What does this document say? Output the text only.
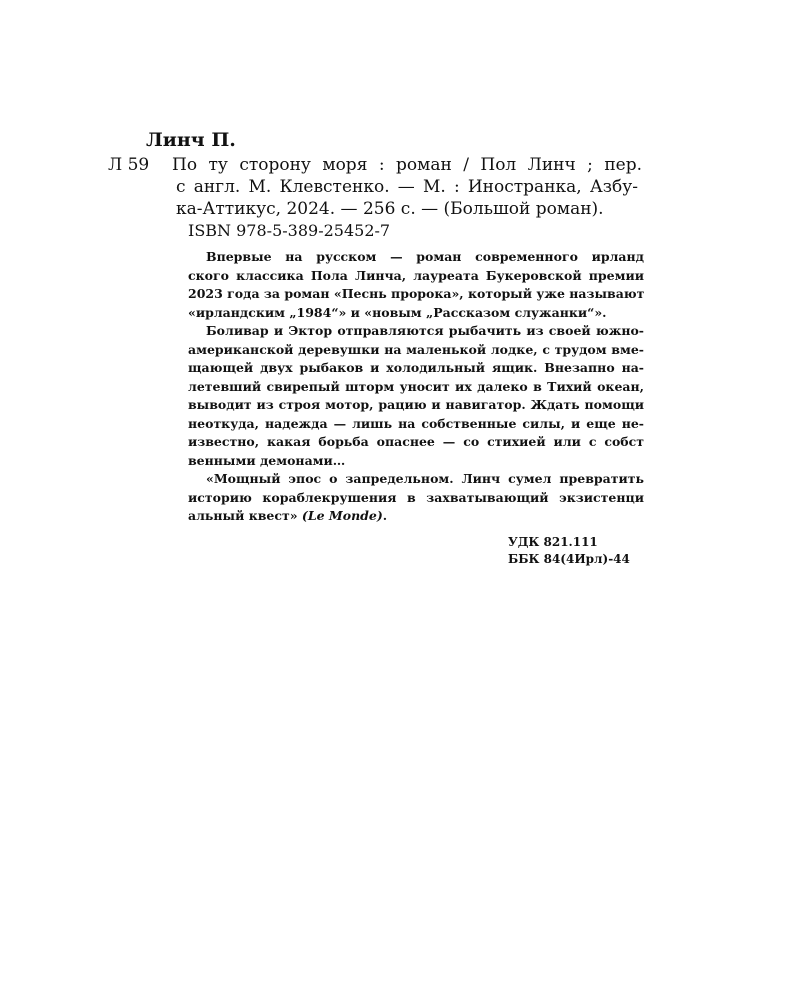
Линч П.
Л 59 По ту сторону моря : роман / Пол Линч ; пер.
с англ. М. Клевстенко. — М. : Иностранка, Азбу-
ка-Аттикус, 2024. — 256 с. — (Большой роман).
ISBN 978-5-389-25452-7
Впервые на русском — роман современного ирланд
ского классика Пола Линча, лауреата Букеровской премии
2023 года за роман «Песнь пророка», который уже называют
«ирландским „1984“» и «новым „Рассказом служанки“».
Боливар и Эктор отправляются рыбачить из своей южно-
американской деревушки на маленькой лодке, с трудом вме-
щающей двух рыбаков и холодильный ящик. Внезапно на-
летевший свирепый шторм уносит их далеко в Тихий океан,
выводит из строя мотор, рацию и навигатор. Ждать помощи
неоткуда, надежда — лишь на собственные силы, и еще не-
известно, какая борьба опаснее — со стихией или с собст
венными демонами…
«Мощный эпос о запредельном. Линч сумел превратить
историю кораблекрушения в захватывающий экзистенци
альный квест» (Le Monde).
УДК 821.111
ББК 84(4Ирл)-44
